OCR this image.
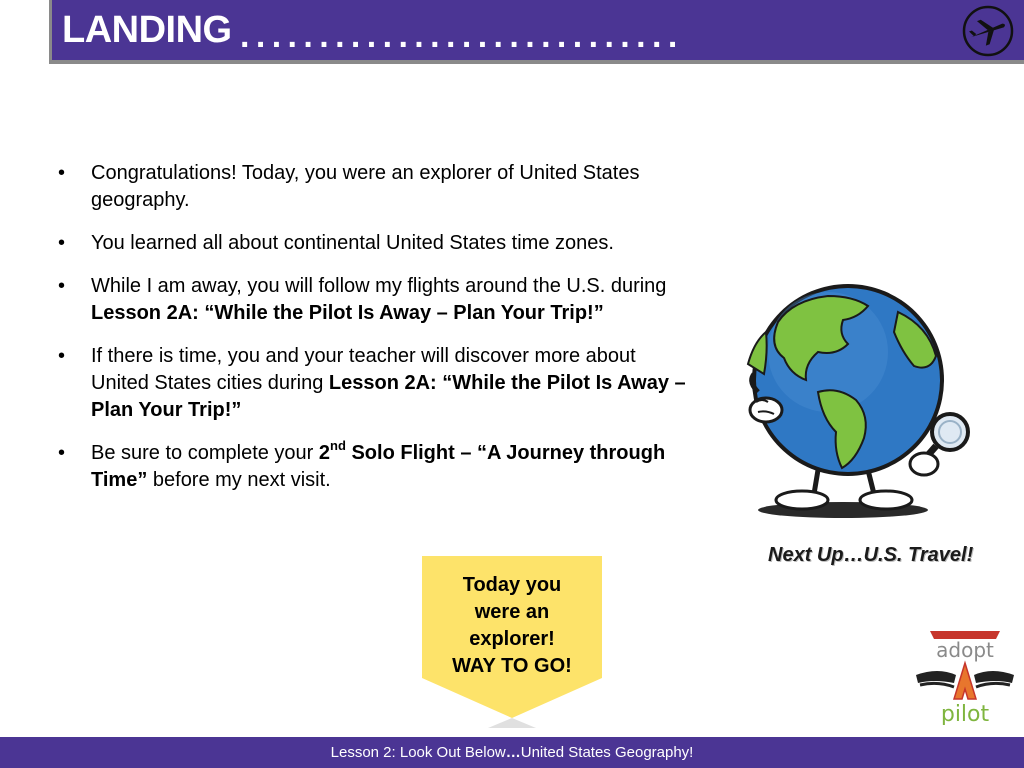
LANDING ............................
•	Congratulations! Today, you were an explorer of United States geography.
•	You learned all about continental United States time zones.
•	While I am away, you will follow my flights around the U.S. during Lesson 2A: “While the Pilot Is Away – Plan Your Trip!”
•	If there is time, you and your teacher will discover more about United States cities during Lesson 2A: “While the Pilot Is Away – Plan Your Trip!”
•	Be sure to complete your 2nd Solo Flight – “A Journey through Time” before my next visit.
Next Up…U.S. Travel!
Today you
were an
explorer!
WAY TO GO!
adopt
pilot
Lesson 2: Look Out Below…United States Geography!
